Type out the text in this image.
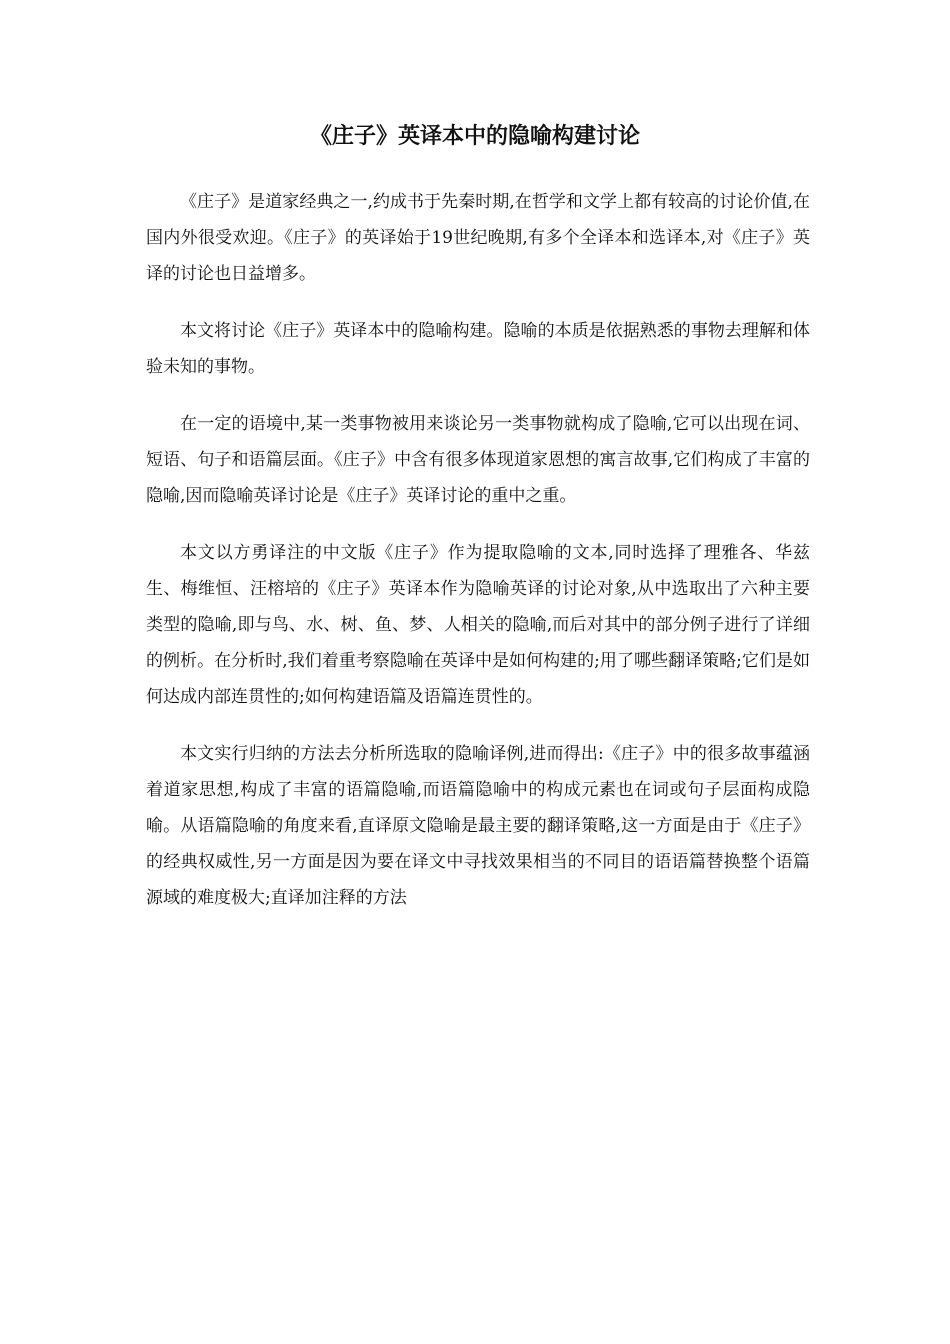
《庄子》英译本中的隐喻构建讨论

《庄子》是道家经典之一,约成书于先秦时期,在哲学和文学上都有较高的讨论价值,在国内外很受欢迎。《庄子》的英译始于19世纪晚期,有多个全译本和选译本,对《庄子》英译的讨论也日益增多。

本文将讨论《庄子》英译本中的隐喻构建。隐喻的本质是依据熟悉的事物去理解和体验未知的事物。

在一定的语境中,某一类事物被用来谈论另一类事物就构成了隐喻,它可以出现在词、短语、句子和语篇层面。《庄子》中含有很多体现道家恩想的寓言故事,它们构成了丰富的隐喻,因而隐喻英译讨论是《庄子》英译讨论的重中之重。

本文以方勇译注的中文版《庄子》作为提取隐喻的文本,同时选择了理雅各、华兹生、梅维恒、汪榕培的《庄子》英译本作为隐喻英译的讨论对象,从中选取出了六种主要类型的隐喻,即与鸟、水、树、鱼、梦、人相关的隐喻,而后对其中的部分例子进行了详细的例析。在分析时,我们着重考察隐喻在英译中是如何构建的;用了哪些翻译策略;它们是如何达成内部连贯性的;如何构建语篇及语篇连贯性的。

本文实行归纳的方法去分析所选取的隐喻译例,进而得出:《庄子》中的很多故事蕴涵着道家思想,构成了丰富的语篇隐喻,而语篇隐喻中的构成元素也在词或句子层面构成隐喻。从语篇隐喻的角度来看,直译原文隐喻是最主要的翻译策略,这一方面是由于《庄子》的经典权威性,另一方面是因为要在译文中寻找效果相当的不同目的语语篇替换整个语篇源域的难度极大;直译加注释的方法
